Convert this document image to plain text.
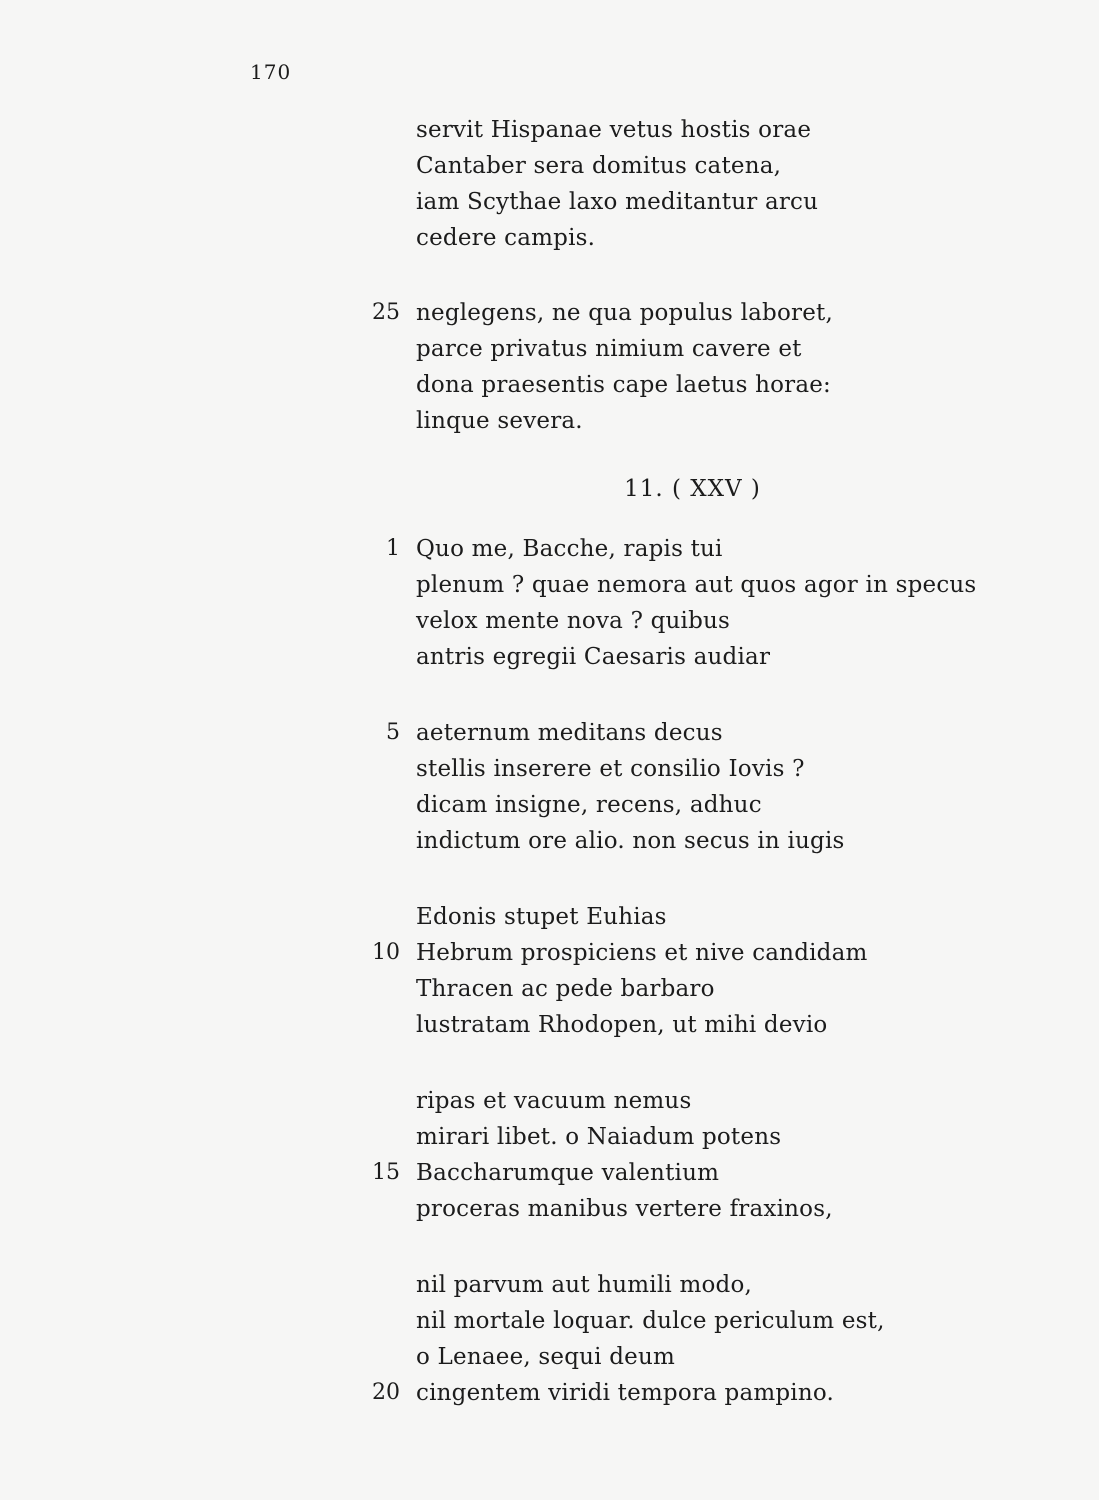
170
servit Hispanae vetus hostis orae
Cantaber sera domitus catena,
iam Scythae laxo meditantur arcu
cedere campis.
25 neglegens, ne qua populus laboret,
parce privatus nimium cavere et
dona praesentis cape laetus horae:
linque severa.
11. ( XXV )
1 Quo me, Bacche, rapis tui
plenum ? quae nemora aut quos agor in specus
velox mente nova ? quibus
antris egregii Caesaris audiar
5 aeternum meditans decus
stellis inserere et consilio Iovis ?
dicam insigne, recens, adhuc
indictum ore alio. non secus in iugis
Edonis stupet Euhias
10 Hebrum prospiciens et nive candidam
Thracen ac pede barbaro
lustratam Rhodopen, ut mihi devio
ripas et vacuum nemus
mirari libet. o Naiadum potens
15 Baccharumque valentium
proceras manibus vertere fraxinos,
nil parvum aut humili modo,
nil mortale loquar. dulce periculum est,
o Lenaee, sequi deum
20 cingentem viridi tempora pampino.
